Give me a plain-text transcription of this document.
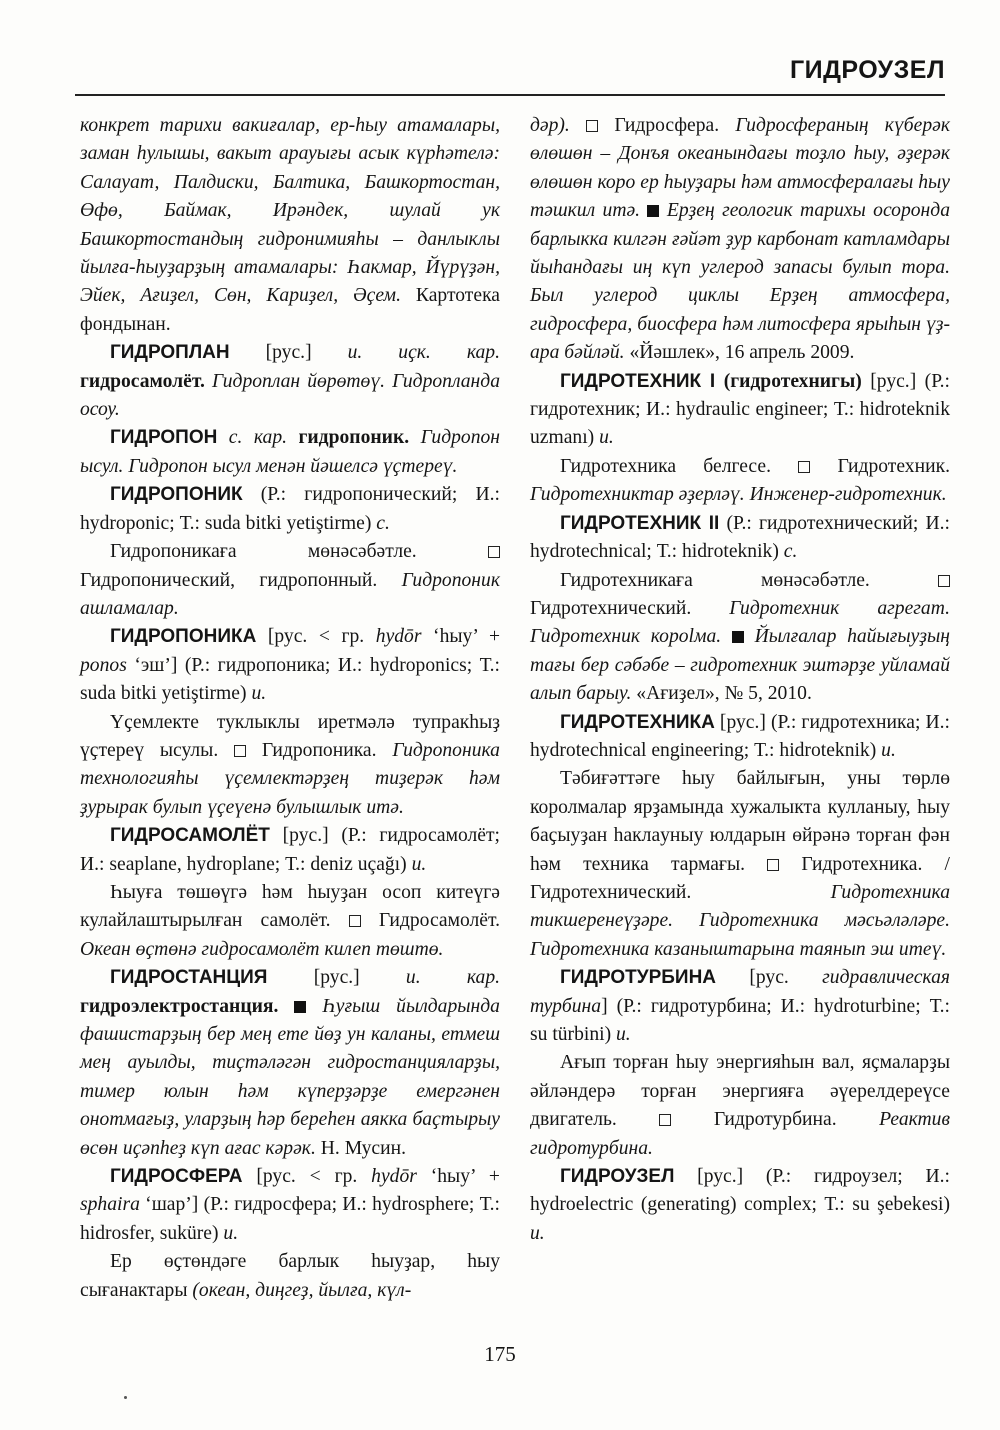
ГИДРОУЗЕЛ

конкрет тарихи вакиғалар, ер-һыу атамалары, заман һулышы, вакыт арауығы асык күрһәтелә: Салауат, Палдиски, Балтика, Башкортостан, Өфө, Баймак, Ирәндек, шулай ук Башкортостандың гидронимияһы – данлыклы йылға-һыуҙарҙың атамалары: Һакмар, Йүрүҙән, Эйек, Ағиҙел, Сөн, Кариҙел, Әҫем. Картотека фондынан.

ГИДРОПЛАН [рус.] и. иҫк. кар. гидросамолёт. Гидроплан йөрөтөү. Гидропланда осоу.

ГИДРОПОН с. кар. гидропоник. Гидропон ысул. Гидропон ысул менән йәшелсә үҫтереү.

ГИДРОПОНИК (Р.: гидропонический; И.: hydroponic; Т.: suda bitki yetiştirme) с.

Гидропоникаға мөнәсәбәтле.  Гидропонический, гидропонный. Гидропоник ашламалар.

ГИДРОПОНИКА [рус. < гр. hydōr ‘һыу’ + ponos ‘эш’] (Р.: гидропоника; И.: hydroponics; Т.: suda bitki yetiştirme) и.

Үҫемлекте туклыклы иретмәлә тупракһыҙ үҫтереү ысулы. Гидропоника. Гидропоника технологияһы үҫемлектәрҙең тиҙерәк һәм ҙурырак булып үҫеүенә булышлык итә.

ГИДРОСАМОЛЁТ [рус.] (Р.: гидросамолёт; И.: seaplane, hydroplane; Т.: deniz uçağı) и.

Һыуға төшөүгә һәм һыуҙан осоп китеүгә кулайлаштырылған самолёт. Гидросамолёт. Океан өҫтөнә гидросамолёт килеп төштө.

ГИДРОСТАНЦИЯ [рус.] и. кар. гидроэлектростанция. Һуғыш йылдарында фашистарҙың бер мең ете йөҙ ун каланы, етмеш мең ауылды, тиҫтәләгән гидростанцияларҙы, тимер юлын һәм күперҙәрҙе емергәнен онотмағыҙ, уларҙың һәр береһен аякка баҫтырыу өсөн иҫәпһеҙ күп ағас кәрәк. Н. Мусин.

ГИДРОСФЕРА [рус. < гр. hydōr ‘һыу’ + sphaira ‘шар’] (Р.: гидросфера; И.: hydrosphere; Т.: hidrosfer, suküre) и.

Ер өҫтөндәге барлык һыуҙар, һыу сығанактары (океан, диңгеҙ, йылға, күл-

дәр). Гидросфера. Гидросфераның күберәк өлөшөн – Донъя океанындағы тоҙло һыу, әҙерәк өлөшөн коро ер һыуҙары һәм атмосфералағы һыу тәшкил итә. Ерҙең геологик тарихы осоронда барлыкка килгән ғәйәт ҙур карбонат катламдары йыһандағы иң күп углерод запасы булып тора. Был углерод циклы Ерҙең атмосфера, гидросфера, биосфера һәм литосфера ярыһын үҙ-ара бәйләй. «Йәшлек», 16 апрель 2009.

ГИДРОТЕХНИК I (гидротехнигы) [рус.] (Р.: гидротехник; И.: hydraulic engineer; Т.: hidroteknik uzmanı) и.

Гидротехника белгесе.	Гидротехник. Гидротехниктар әҙерләү. Инженер-гидротехник.

ГИДРОТЕХНИК II (Р.: гидротехнический; И.: hydrotechnical; Т.: hidroteknik) с.

Гидротехникаға мөнәсәбәтле.  Гидротехнический. Гидротехник агрегат. Гидротехник корolма. Йылғалар һайығыуҙың тағы бер сәбәбе – гидротехник эштәрҙе уйламай алып барыу. «Ағиҙел», № 5, 2010.

ГИДРОТЕХНИКА [рус.] (Р.: гидротехника; И.: hydrotechnical engineering; Т.: hidroteknik) и.

Тәбиғәттәге һыу байлығын, уны төрлө королмалар ярҙамында хужалыкта кулланыу, һыу баҫыуҙан һаклаyныу юлдарын өйрәнә торған фән һәм техника тармағы.	Гидротехника. / Гидротехнический.	Гидротехника тикшеренеүҙәре. Гидротехника мәсьәләләре. Гидротехника казаныштарына таянып эш итеү.

ГИДРОТУРБИНА [рус. гидравлическая турбина] (Р.: гидротурбина; И.: hydroturbine; Т.: su türbini) и.

Ағып торған һыу энергияһын вал, яҫмаларҙы әйләндерә торған энергияға әүерелдереүсе двигатель.	Гидротурбина. Реактив гидротурбина.

ГИДРОУЗЕЛ [рус.] (Р.: гидроузел; И.: hydroelectric (generating) complex; Т.: su şebekesi) и.

175
